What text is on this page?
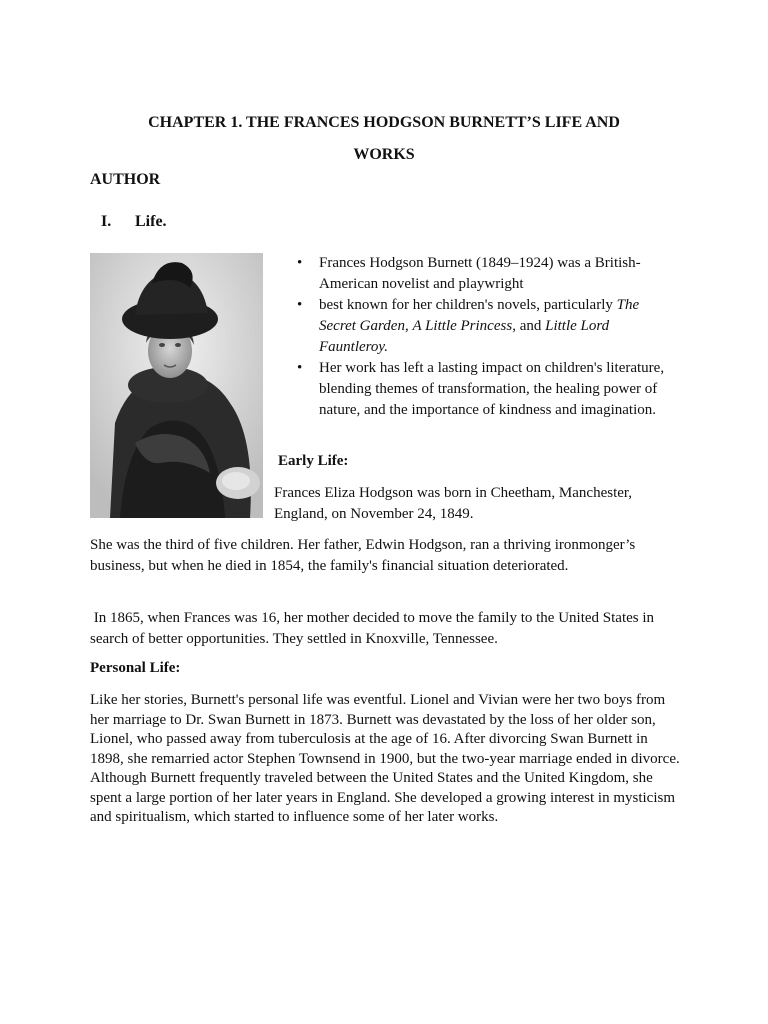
CHAPTER 1. THE FRANCES HODGSON BURNETT’S LIFE AND
WORKS
AUTHOR
I. Life.
• Frances Hodgson Burnett (1849–1924) was a British-American novelist and playwright
• best known for her children's novels, particularly The Secret Garden, A Little Princess, and Little Lord Fauntleroy.
• Her work has left a lasting impact on children's literature, blending themes of transformation, the healing power of nature, and the importance of kindness and imagination.
Early Life:

Frances Eliza Hodgson was born in Cheetham, Manchester, England, on November 24, 1849.

She was the third of five children. Her father, Edwin Hodgson, ran a thriving ironmonger’s business, but when he died in 1854, the family's financial situation deteriorated.

In 1865, when Frances was 16, her mother decided to move the family to the United States in search of better opportunities. They settled in Knoxville, Tennessee.

Personal Life:
Like her stories, Burnett's personal life was eventful. Lionel and Vivian were her two boys from her marriage to Dr. Swan Burnett in 1873. Burnett was devastated by the loss of her older son, Lionel, who passed away from tuberculosis at the age of 16. After divorcing Swan Burnett in 1898, she remarried actor Stephen Townsend in 1900, but the two-year marriage ended in divorce.
Although Burnett frequently traveled between the United States and the United Kingdom, she spent a large portion of her later years in England. She developed a growing interest in mysticism and spiritualism, which started to influence some of her later works.
